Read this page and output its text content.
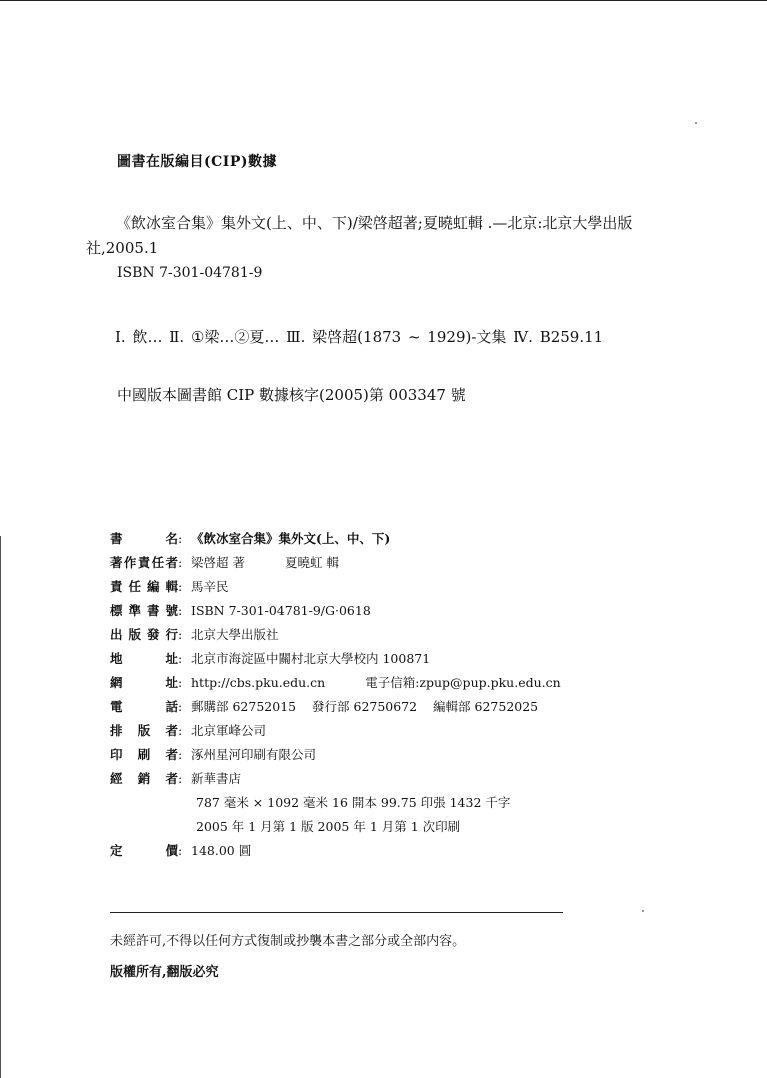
圖書在版編目(CIP)數據
《飲冰室合集》集外文(上、中、下)/梁啓超著;夏曉虹輯 .—北京:北京大學出版社,2005.1
ISBN 7-301-04781-9
Ⅰ. 飲… Ⅱ. ①梁…②夏… Ⅲ. 梁啓超(1873 ~ 1929)-文集 Ⅳ. B259.11
中國版本圖書館 CIP 數據核字(2005)第 003347 號
書	名 : 《飲冰室合集》集外文(上、中、下)
著 作 責 任 者 : 梁啓超 著	夏曉虹 輯
責 任 編 輯 : 馬辛民
標 準 書 號 : ISBN 7-301-04781-9/G·0618
出 版 發 行 : 北京大學出版社
地	址 : 北京市海淀區中關村北京大學校内 100871
網	址 : http://cbs.pku.edu.cn	電子信箱:zpup@pup.pku.edu.cn
電	話 : 郵購部 62752015 發行部 62750672 編輯部 62752025
排 版 者 : 北京軍峰公司
印 刷 者 : 涿州星河印刷有限公司
經 銷 者 : 新華書店
787 毫米 × 1092 毫米 16 開本 99.75 印張 1432 千字
2005 年 1 月第 1 版 2005 年 1 月第 1 次印刷
定	價 : 148.00 圓
未經許可,不得以任何方式復制或抄襲本書之部分或全部内容。
版權所有,翻版必究
